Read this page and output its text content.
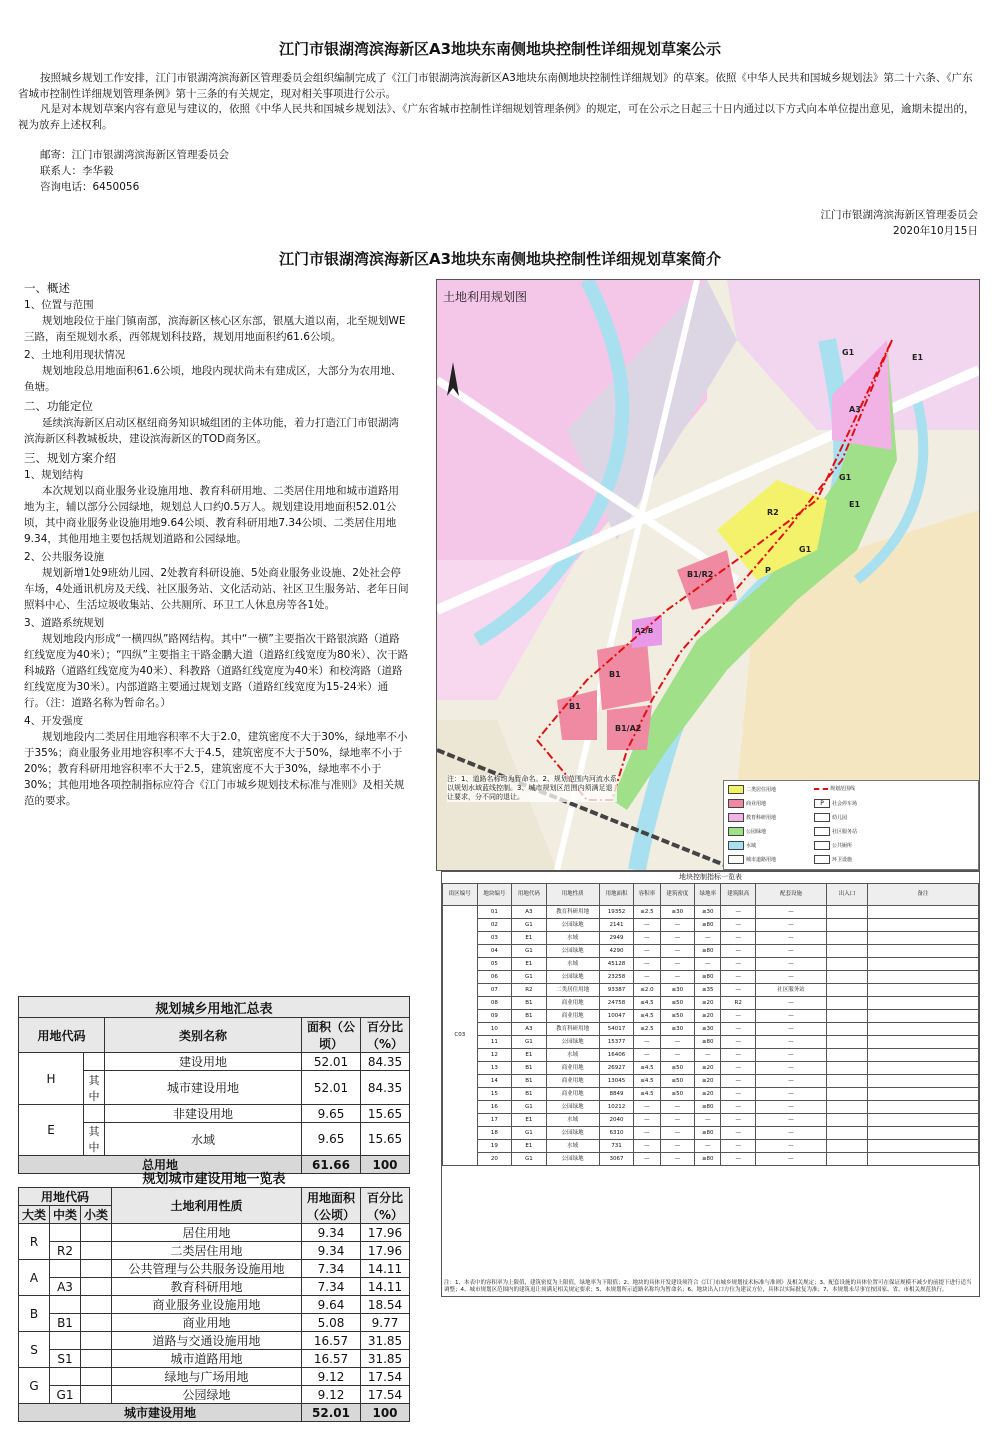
江门市银湖湾滨海新区A3地块东南侧地块控制性详细规划草案公示
按照城乡规划工作安排，江门市银湖湾滨海新区管理委员会组织编制完成了《江门市银湖湾滨海新区A3地块东南侧地块控制性详细规划》的草案。依照《中华人民共和国城乡规划法》第二十六条、《广东省城市控制性详细规划管理条例》第十三条的有关规定，现对相关事项进行公示。
凡是对本规划草案内容有意见与建议的，依照《中华人民共和国城乡规划法》、《广东省城市控制性详细规划管理条例》的规定，可在公示之日起三十日内通过以下方式向本单位提出意见，逾期未提出的，视为放弃上述权利。
邮寄：江门市银湖湾滨海新区管理委员会
联系人：李华毅
咨询电话：6450056
江门市银湖湾滨海新区管理委员会
2020年10月15日
江门市银湖湾滨海新区A3地块东南侧地块控制性详细规划草案简介
一、概述
1、位置与范围
规划地段位于崖门镇南部，滨海新区核心区东部，银凰大道以南，北至规划WE三路，南至规划水系，西邻规划科技路，规划用地面积约61.6公顷。
2、土地利用现状情况
规划地段总用地面积61.6公顷，地段内现状尚未有建成区，大部分为农用地、鱼塘。
二、功能定位
延续滨海新区启动区枢纽商务知识城组团的主体功能，着力打造江门市银湖湾滨海新区科教城板块，建设滨海新区的TOD商务区。
三、规划方案介绍
1、规划结构
本次规划以商业服务业设施用地、教育科研用地、二类居住用地和城市道路用地为主，辅以部分公园绿地，规划总人口约0.5万人。规划建设用地面积52.01公顷，其中商业服务业设施用地9.64公顷、教育科研用地7.34公顷、二类居住用地9.34，其他用地主要包括规划道路和公园绿地。
2、公共服务设施
规划新增1处9班幼儿园、2处教育科研设施、5处商业服务业设施、2处社会停车场，4处通讯机房及天线、社区服务站、文化活动站、社区卫生服务站、老年日间照料中心、生活垃圾收集站、公共厕所、环卫工人休息房等各1处。
3、道路系统规划
规划地段内形成“一横四纵”路网结构。其中“一横”主要指次干路银滨路（道路红线宽度为40米）；“四纵”主要指主干路金鹏大道（道路红线宽度为80米）、次干路科城路（道路红线宽度为40米）、科教路（道路红线宽度为40米）和校湾路（道路红线宽度为30米）。内部道路主要通过规划支路（道路红线宽度为15-24米）通行。（注：道路名称为暂命名。）
4、开发强度
规划地段内二类居住用地容积率不大于2.0，建筑密度不大于30%，绿地率不小于35%；商业服务业用地容积率不大于4.5，建筑密度不大于50%，绿地率不小于20%；教育科研用地容积率不大于2.5，建筑密度不大于30%，绿地率不小于30%；其他用地各项控制指标应符合《江门市城乡规划技术标准与准则》及相关规范的要求。
规划城乡用地汇总表				
用地代码		类别名称	面积（公顷）	百分比（%）
H		建设用地	52.01	84.35
	其中	城市建设用地	52.01	84.35
E		非建设用地	9.65	15.65
	其中	水域	9.65	15.65
总用地			61.66	100
规划城市建设用地一览表					
用地代码			土地利用性质	用地面积（公顷）	百分比（%）
大类	中类	小类			
R			居住用地	9.34	17.96
	R2		二类居住用地	9.34	17.96
A			公共管理与公共服务设施用地	7.34	14.11
	A3		教育科研用地	7.34	14.11
B			商业服务业设施用地	9.64	18.54
	B1		商业用地	5.08	9.77
S			道路与交通设施用地	16.57	31.85
	S1		城市道路用地	16.57	31.85
G			绿地与广场用地	9.12	17.54
	G1		公园绿地	9.12	17.54
城市建设用地				52.01	100
土地利用规划图
A3
R2
B1/R2
B1
B1
B1/A2
A2/B
G1
G1
G1
E1
E1
P
注：1、道路名称均为暂命名。2、规划范围内河流水系以规划水域蓝线控制。3、城市规划区范围内须满足退让要求，分不同的退让。
二类居住用地
商业用地
教育科研用地
公园绿地
水域
城市道路用地
规划范围线
P	社会停车场
幼儿园
社区服务站
公共厕所
环卫设施
地块控制指标一览表
街区编号	地块编号	用地代码	用地性质	用地面积	容积率	建筑密度	绿地率	建筑限高	配套设施	出入口	备注
C03	01	A3	教育科研用地	19352	≤2.5	≤30	≥30	—	—		
	02	G1	公园绿地	2141	—	—	≥80	—	—		
	03	E1	水域	2949	—	—	—	—	—		
	04	G1	公园绿地	4290	—	—	≥80	—	—		
	05	E1	水域	45128	—	—	—	—	—		
	06	G1	公园绿地	23258	—	—	≥80	—	—		
	07	R2	二类居住用地	93387	≤2.0	≤30	≥35	—	社区服务站		
	08	B1	商业用地	24758	≤4.5	≤50	≥20	R2	—		
	09	B1	商业用地	10047	≤4.5	≤50	≥20	—	—		
	10	A3	教育科研用地	54017	≤2.5	≤30	≥30	—	—		
	11	G1	公园绿地	15377	—	—	≥80	—	—		
	12	E1	水域	16406	—	—	—	—	—		
	13	B1	商业用地	26927	≤4.5	≤50	≥20	—	—		
	14	B1	商业用地	13045	≤4.5	≤50	≥20	—	—		
	15	B1	商业用地	8849	≤4.5	≤50	≥20	—	—		
	16	G1	公园绿地	10212	—	—	≥80	—	—		
	17	E1	水域	2040	—	—	—	—	—		
	18	G1	公园绿地	6310	—	—	≥80	—	—		
	19	E1	水域	731	—	—	—	—	—		
	20	G1	公园绿地	3067	—	—	≥80	—	—		
注：1、本表中的容积率为上限值，建筑密度为上限值，绿地率为下限值；2、地块的具体开发建设须符合《江门市城乡规划技术标准与准则》及相关规定；3、配套设施的具体位置可在保证规模不减少的前提下进行适当调整；4、城市规划区范围内的建筑退让须满足相关规定要求；5、本规划所示道路名称均为暂命名；6、地块出入口方位为建议方位，具体以实际批复为准；7、本规划未尽事宜按国家、省、市相关规范执行。
